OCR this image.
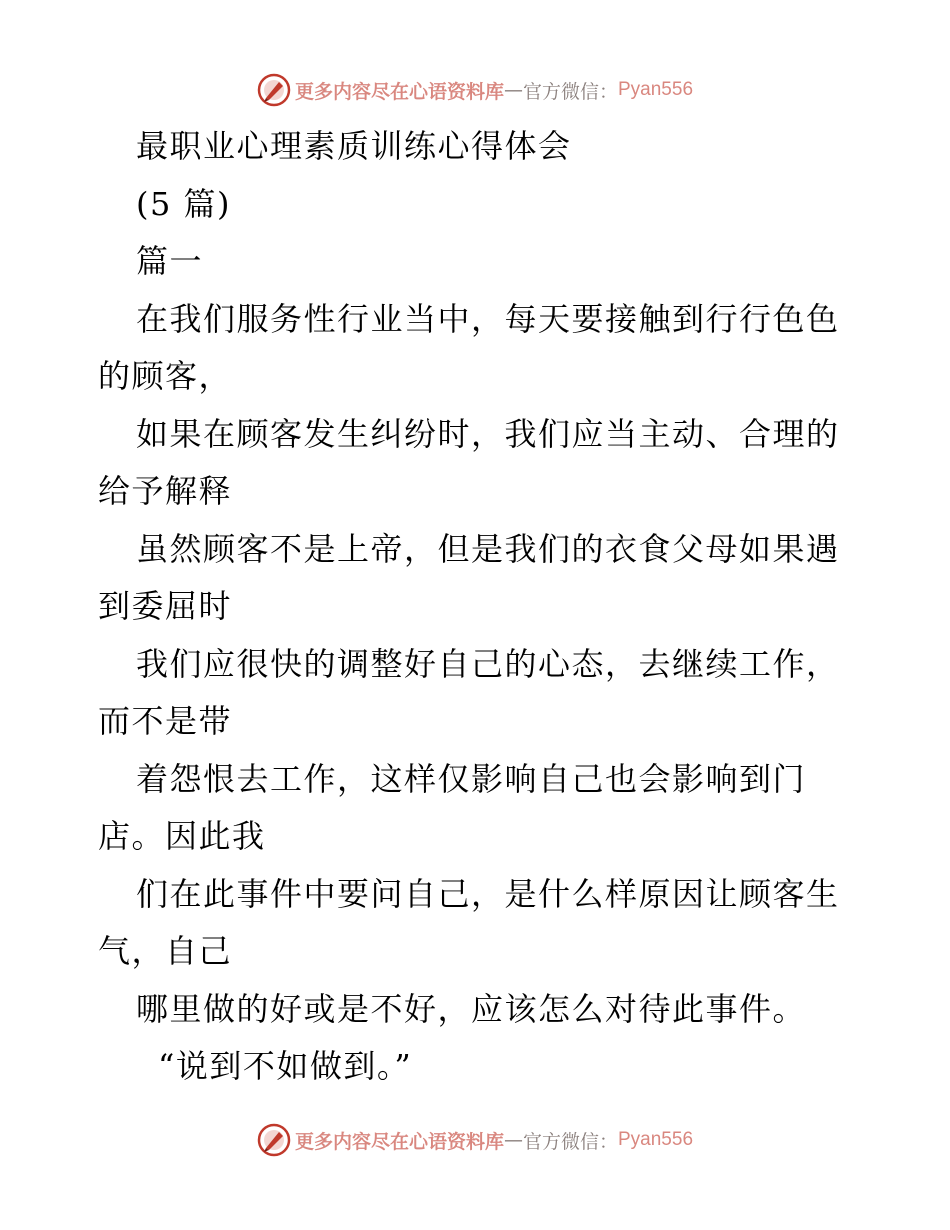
更多内容尽在心语资料库 — 官方微信： Pyan556
最职业心理素质训练心得体会
(5 篇)
篇一
在我们服务性行业当中，每天要接触到行行色色
的顾客，
如果在顾客发生纠纷时，我们应当主动、合理的
给予解释
虽然顾客不是上帝，但是我们的衣食父母如果遇
到委屈时
我们应很快的调整好自己的心态，去继续工作，
而不是带
着怨恨去工作，这样仅影响自己也会影响到门
店。因此我
们在此事件中要问自己，是什么样原因让顾客生
气，自己
哪里做的好或是不好，应该怎么对待此事件。
“说到不如做到。”
更多内容尽在心语资料库 — 官方微信： Pyan556
